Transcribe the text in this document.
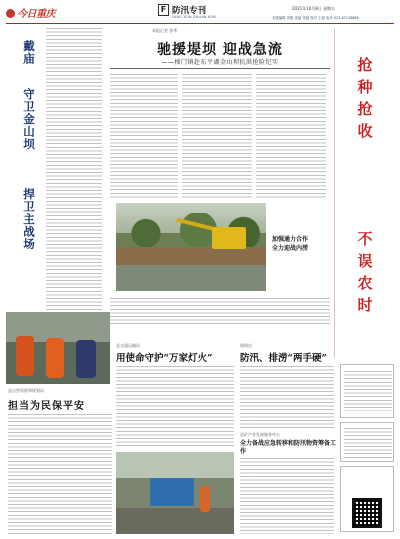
今日重庆	F 防汛专刊
FANG XUN ZHUAN KAN
2021年10月8日 星期五
本版编辑 刘刚 美编 张毅 校对 王丽 电话 023-67128888
戴庙
守卫金山坝
捍卫主战场
本报记者 张华
驰援堤坝 迎战急流
——梯门镇赴东平湖金山坝抗洪抢险纪实	抢种抢收
不误农时
加强通力合作
全力迎战内涝
县自然资源和规划局
担当为民保平安
县交通运输局
用使命守护“万家灯火”
斑鸠店
防汛、排涝“两手硬”
县矿产业发展服务中心
全力备战应急转移和防汛物资筹备工作
